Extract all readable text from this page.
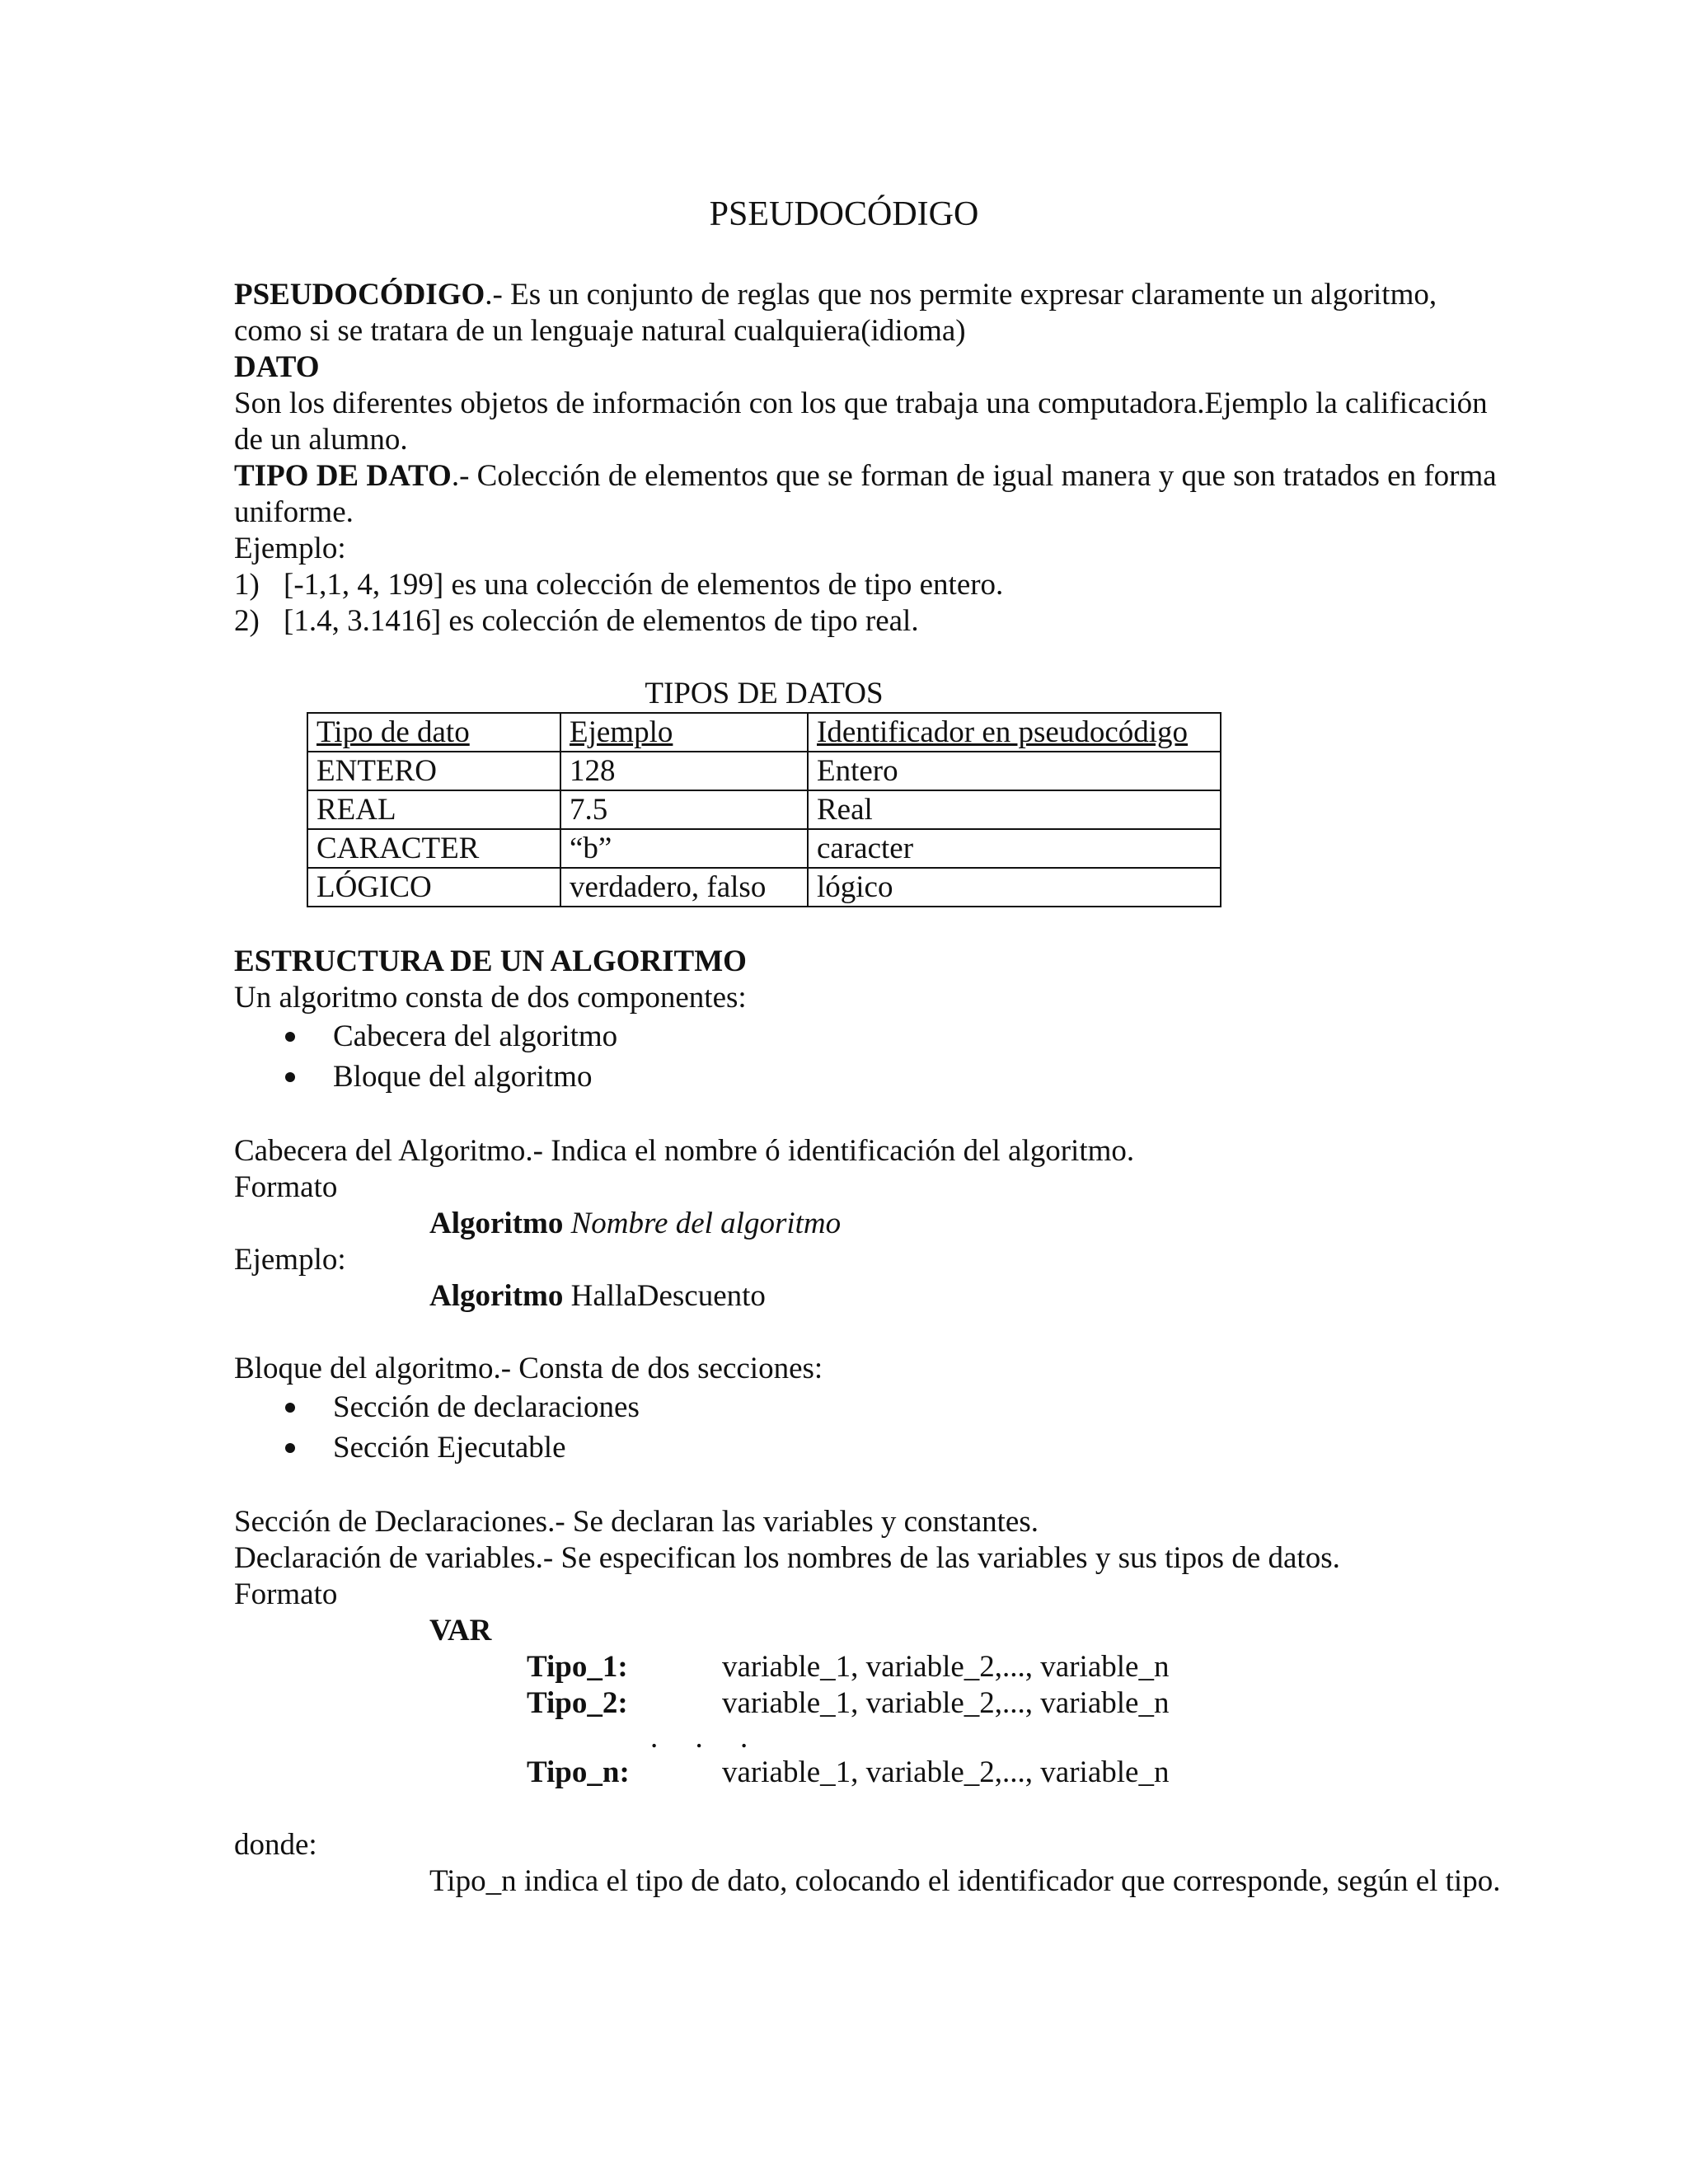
PSEUDOCÓDIGO

PSEUDOCÓDIGO.- Es un conjunto de reglas que nos permite expresar claramente un algoritmo, como si se tratara de un lenguaje natural cualquiera(idioma)

DATO

Son los diferentes objetos de información con los que trabaja una computadora.Ejemplo la calificación de un alumno.

TIPO DE DATO.- Colección de elementos que se forman de igual manera y que son tratados en forma uniforme.

Ejemplo:

1) [-1,1, 4, 199] es una colección de elementos de tipo entero.
2) [1.4, 3.1416] es colección de elementos de tipo real.
TIPOS DE DATOS
Tipo de dato	Ejemplo	Identificador en pseudocódigo
ENTERO	128	Entero
REAL	7.5	Real
CARACTER	“b”	caracter
LÓGICO	verdadero, falso	lógico

ESTRUCTURA DE UN ALGORITMO

Un algoritmo consta de dos componentes:

Cabecera del algoritmo
Bloque del algoritmo

Cabecera del Algoritmo.- Indica el nombre ó identificación del algoritmo.

Formato

Algoritmo Nombre del algoritmo

Ejemplo:

Algoritmo HallaDescuento

Bloque del algoritmo.- Consta de dos secciones:

Sección de declaraciones
Sección Ejecutable

Sección de Declaraciones.- Se declaran las variables y constantes.

Declaración de variables.- Se especifican los nombres de las variables y sus tipos de datos.

Formato

VAR

Tipo_1:	variable_1, variable_2,..., variable_n
Tipo_2:	variable_1, variable_2,..., variable_n
. . .
Tipo_n:	variable_1, variable_2,..., variable_n

donde:

Tipo_n indica el tipo de dato, colocando el identificador que corresponde, según el tipo.
